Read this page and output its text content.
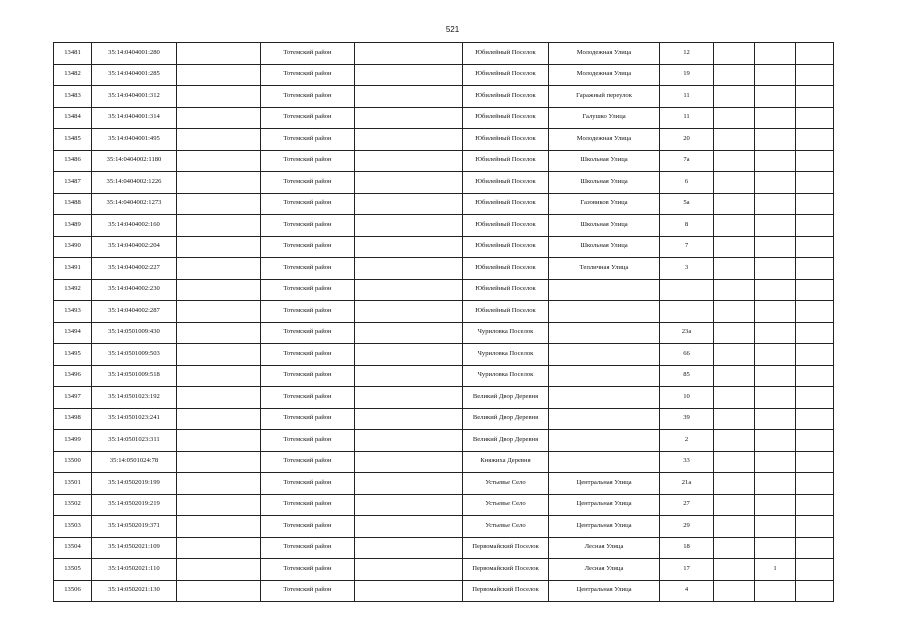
521
13481	35:14:0404001:280		Тотемский район		Юбилейный Поселок	Молодежная Улица	12			
13482	35:14:0404001:285		Тотемский район		Юбилейный Поселок	Молодежная Улица	19			
13483	35:14:0404001:312		Тотемский район		Юбилейный Поселок	Гаражный переулок	11			
13484	35:14:0404001:314		Тотемский район		Юбилейный Поселок	Галушко Улица	11			
13485	35:14:0404001:495		Тотемский район		Юбилейный Поселок	Молодежная Улица	20			
13486	35:14:0404002:1180		Тотемский район		Юбилейный Поселок	Школьная Улица	7а			
13487	35:14:0404002:1226		Тотемский район		Юбилейный Поселок	Школьная Улица	6			
13488	35:14:0404002:1273		Тотемский район		Юбилейный Поселок	Газовиков Улица	5а			
13489	35:14:0404002:160		Тотемский район		Юбилейный Поселок	Школьная Улица	8			
13490	35:14:0404002:204		Тотемский район		Юбилейный Поселок	Школьная Улица	7			
13491	35:14:0404002:227		Тотемский район		Юбилейный Поселок	Тепличная Улица	3			
13492	35:14:0404002:230		Тотемский район		Юбилейный Поселок					
13493	35:14:0404002:287		Тотемский район		Юбилейный Поселок					
13494	35:14:0501009:430		Тотемский район		Чуриловка Поселок		23а			
13495	35:14:0501009:503		Тотемский район		Чуриловка Поселок		66			
13496	35:14:0501009:518		Тотемский район		Чуриловка Поселок		85			
13497	35:14:0501023:192		Тотемский район		Великий Двор Деревня		10			
13498	35:14:0501023:241		Тотемский район		Великий Двор Деревня		39			
13499	35:14:0501023:311		Тотемский район		Великий Двор Деревня		2			
13500	35:14:0501024:78		Тотемский район		Княжиха Деревня		33			
13501	35:14:0502019:199		Тотемский район		Устьевье Село	Центральная Улица	21а			
13502	35:14:0502019:219		Тотемский район		Устьевье Село	Центральная Улица	27			
13503	35:14:0502019:371		Тотемский район		Устьевье Село	Центральная Улица	29			
13504	35:14:0502021:109		Тотемский район		Первомайский Поселок	Лесная Улица	18			
13505	35:14:0502021:110		Тотемский район		Первомайский Поселок	Лесная Улица	17		1	
13506	35:14:0502021:130		Тотемский район		Первомайский Поселок	Центральная Улица	4			
